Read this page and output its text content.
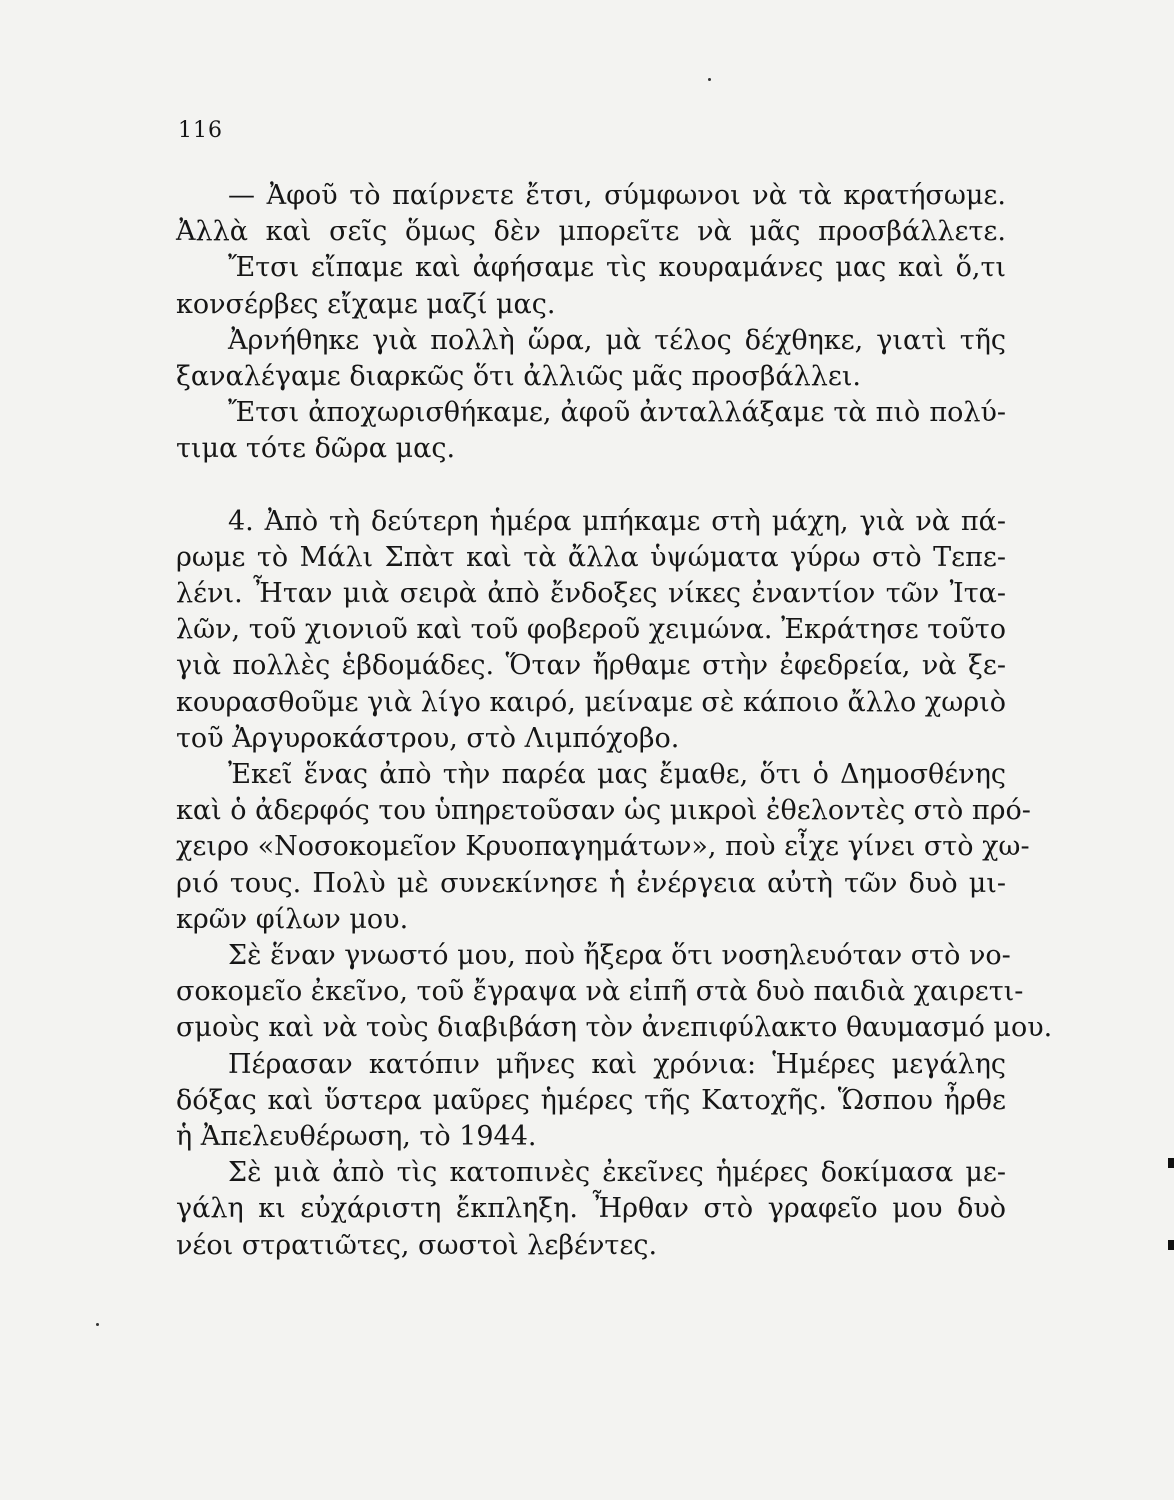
116
— Ἀφοῦ τὸ παίρνετε ἔτσι, σύμφωνοι νὰ τὰ κρατήσωμε.
Ἀλλὰ καὶ σεῖς ὅμως δὲν μπορεῖτε νὰ μᾶς προσβάλλετε.
Ἔτσι εἴπαμε καὶ ἀφήσαμε τὶς κουραμάνες μας καὶ ὅ,τι
κονσέρβες εἴχαμε μαζί μας.
Ἀρνήθηκε γιὰ πολλὴ ὥρα, μὰ τέλος δέχθηκε, γιατὶ τῆς
ξαναλέγαμε διαρκῶς ὅτι ἀλλιῶς μᾶς προσβάλλει.
Ἔτσι ἀποχωρισθήκαμε, ἀφοῦ ἀνταλλάξαμε τὰ πιὸ πολύ-
τιμα τότε δῶρα μας.
4. Ἀπὸ τὴ δεύτερη ἡμέρα μπήκαμε στὴ μάχη, γιὰ νὰ πά-
ρωμε τὸ Μάλι Σπὰτ καὶ τὰ ἄλλα ὑψώματα γύρω στὸ Τεπε-
λένι. Ἦταν μιὰ σειρὰ ἀπὸ ἔνδοξες νίκες ἐναντίον τῶν Ἰτα-
λῶν, τοῦ χιονιοῦ καὶ τοῦ φοβεροῦ χειμώνα. Ἐκράτησε τοῦτο
γιὰ πολλὲς ἑβδομάδες. Ὅταν ἤρθαμε στὴν ἐφεδρεία, νὰ ξε-
κουρασθοῦμε γιὰ λίγο καιρό, μείναμε σὲ κάποιο ἄλλο χωριὸ
τοῦ Ἀργυροκάστρου, στὸ Λιμπόχοβο.
Ἐκεῖ ἕνας ἀπὸ τὴν παρέα μας ἔμαθε, ὅτι ὁ Δημοσθένης
καὶ ὁ ἀδερφός του ὑπηρετοῦσαν ὡς μικροὶ ἐθελοντὲς στὸ πρό-
χειρο «Νοσοκομεῖον Κρυοπαγημάτων», ποὺ εἶχε γίνει στὸ χω-
ριό τους. Πολὺ μὲ συνεκίνησε ἡ ἐνέργεια αὐτὴ τῶν δυὸ μι-
κρῶν φίλων μου.
Σὲ ἕναν γνωστό μου, ποὺ ἤξερα ὅτι νοσηλευόταν στὸ νο-
σοκομεῖο ἐκεῖνο, τοῦ ἔγραψα νὰ εἰπῆ στὰ δυὸ παιδιὰ χαιρετι-
σμοὺς καὶ νὰ τοὺς διαβιβάση τὸν ἀνεπιφύλακτο θαυμασμό μου.
Πέρασαν κατόπιν μῆνες καὶ χρόνια: Ἡμέρες μεγάλης
δόξας καὶ ὕστερα μαῦρες ἡμέρες τῆς Κατοχῆς. Ὥσπου ἦρθε
ἡ Ἀπελευθέρωση, τὸ 1944.
Σὲ μιὰ ἀπὸ τὶς κατοπινὲς ἐκεῖνες ἡμέρες δοκίμασα με-
γάλη κι εὐχάριστη ἔκπληξη. Ἦρθαν στὸ γραφεῖο μου δυὸ
νέοι στρατιῶτες, σωστοὶ λεβέντες.
